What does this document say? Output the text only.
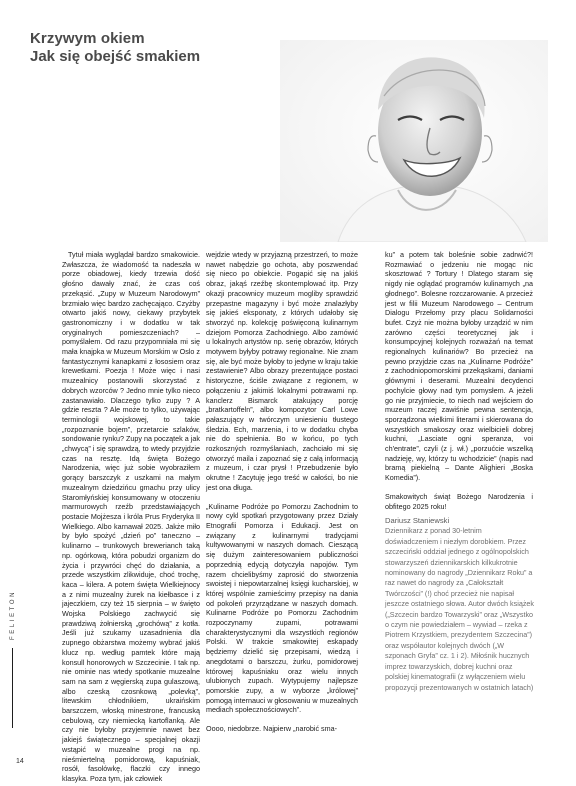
Krzywym okiem
Jak się obejść smakiem

Tytuł miała wyglądał bardzo smakowicie. Zwłaszcza, że wiadomość ta nadeszła w porze obiadowej, kiedy trzewia dość głośno dawały znać, że czas coś przekąsić. „Zupy w Muzeum Narodowym” brzmiało więc bardzo zachęcająco. Czyżby otwarto jakiś nowy, ciekawy przybytek gastronomiczny i w dodatku w tak oryginalnych pomieszczeniach? – pomyślałem. Od razu przypomniała mi się mała knajpka w Muzeum Morskim w Oslo z fantastycznymi kanapkami z łososiem oraz krewetkami. Poezja ! Może więc i nasi muzealnicy postanowili skorzystać z dobrych wzorców ? Jedno mnie tylko nieco zastanawiało. Dlaczego tylko zupy ? A gdzie reszta ? Ale może to tylko, używając terminologii wojskowej, to takie „rozpoznanie bojem”, przetarcie szlaków, sondowanie rynku? Zupy na początek a jak „chwycą” i się sprawdzą, to wtedy przyjdzie czas na resztę. Idą święta Bożego Narodzenia, więc już sobie wyobraziłem gorący barszczyk z uszkami na małym muzealnym dziedzińcu gmachu przy ulicy Staromłyńskiej konsumowany w otoczeniu marmurowych rzeźb przedstawiających postacie Mojżesza i króla Prus Fryderyka II Wielkiego. Albo karnawał 2025. Jakże miło by było spożyć „dzień po” taneczno – kulinarno – trunkowych brewerianch taką np. ogórkową, która pobudzi organizm do życia i przywróci chęć do działania, a przede wszystkim zlikwiduje, choć trochę, kaca – kilera. A potem święta Wielkiejnocy a z nimi muzealny żurek na kiełbasce i z jajeczkiem, czy też 15 sierpnia – w święto Wojska Polskiego zachwycić się prawdziwą żołnierską „grochówą” z kotła. Jeśli już szukamy uzasadnienia dla zupnego obżarstwa możemy wybrać jakiś klucz np. według pamtek które mają konsull honorowych w Szczecinie. I tak np. nie ominie nas wtedy spotkanie muzealne sam na sam z węgierską zupa gulaszową, albo czeską czosnkową „polevką”, litewskim chłodnikiem, ukraińskim barszczem, włoską minestrone, francuską cebulową, czy niemiecką kartoflanką. Ale czy nie byłoby przyjemnie nawet bez jakiejś świątecznego – specjalnej okazji wstąpić w muzealne progi na np. nieśmiertelną pomidorową, kapuśniak, rosół, fasolówkę, flaczki czy innego klasyka. Poza tym, jak człowiek

wejdzie wtedy w przyjazną przestrzeń, to może nawet nabędzie go ochota, aby poszwendać się nieco po obiekcie. Pogapić się na jakiś obraz, jakąś rzeźbę skontemplować itp. Przy okazji pracownicy muzeum mogliby sprawdzić przepastne magazyny i być może znalazłyby się jakieś eksponaty, z których udałoby się stworzyć np. kolekcję poświęconą kulinarnym dziejom Pomorza Zachodniego. Albo zamówić u lokalnych artystów np. serię obrazów, których motywem byłyby potrawy regionalne. Nie znam się, ale być może byłoby to jedyne w kraju takie zestawienie? Albo obrazy prezentujące postaci historyczne, ściśle związane z regionem, w połączeniu z jakimiś lokalnymi potrawami np. kanclerz Bismarck atakujący porcję „bratkartoffeln”, albo kompozytor Carl Lowe pałaszujący w twórczym uniesieniu tłustego śledzia. Ech, marzenia, i to w dodatku chyba nie do spełnienia. Bo w końcu, po tych rozkoszných rozmyślaniach, zachciało mi się otworzyć maila i zapoznać się z całą informacją z muzeum, i czar prysł ! Przebudzenie było okrutne ! Zacytuję jego treść w całości, bo nie jest ona długa.

„Kulinarne Podróże po Pomorzu Zachodnim to nowy cykl spotkań przygotowany przez Działy Etnografii Pomorza i Edukacji. Jest on związany z kulinarnymi tradycjami kultywowanymi w naszych domach. Cieszącą się dużym zainteresowaniem publiczności poprzednią edycją dotyczyła napojów. Tym razem chcielibyśmy zaprosić do stworzenia swoistej i niepowtarzalnej księgi kucharskiej, w której wspólnie zamieścimy przepisy na dania od pokoleń przyrządzane w naszych domach. Kulinarne Podróże po Pomorzu Zachodnim rozpoczynamy zupami, potrawami charakterystycznymi dla wszystkich regionów Polski. W trakcie smakowitej eskapady będziemy dzielić się przepisami, wiedzą i anegdotami o barszczu, żurku, pomidorowej którowej kapuśniaku oraz wielu innych ulubionych zupach. Wytypujemy najlepsze pomorskie zupy, a w wyborze „królowej” pomogą internauci w głosowaniu w muzealnych mediach społecznościowych”.

Oooo, niedobrze. Najpierw „narobić sma-

ku” a potem tak boleśnie sobie zadrwić?! Rozmawiać o jedzeniu nie mogąc nic skosztować ? Tortury ! Dlatego staram się nigdy nie oglądać programów kulinarnych „na głodnego”. Bolesne rozczarowanie. A przecież jest w filii Muzeum Narodowego – Centrum Dialogu Przełomy przy placu Solidarności bufet. Czyż nie można byłoby urządzić w nim zarówno części teoretycznej jak i konsumpcyjnej kolejnych rozważań na temat regionalnych kulinariów? Bo przecież na pewno przyjdzie czas na „Kulinarne Podróże” z zachodniopomorskimi przekąskami, daniami głównymi i deserami. Muzealni decydenci pochylcie głowy nad tym pomysłem. A jeżeli go nie przyjmiecie, to niech nad wejściem do muzeum raczej zawiśnie pewna sentencja, sporządzona wielkimi literami i skierowana do wszystkich smakoszy oraz wielbicieli dobrej kuchni, „Lasciate ogni speranza, voi ch'entrate”, czyli (z j. wł.) „porzućcie wszelką nadzieję, wy, którzy tu wchodzicie” (napis nad bramą piekielną – Dante Alighieri „Boska Komedia”).

Smakowitych świąt Bożego Narodzenia i obfitego 2025 roku!

Dariusz Staniewski

Dziennikarz z ponad 30-letnim doświadczeniem i niezłym dorobkiem. Przez szczeciński oddział jednego z ogólnopolskich stowarzyszeń dziennikarskich kilkukrotnie nominowany do nagrody „Dziennikarz Roku” a raz nawet do nagrody za „Całokształt Twórczości” (!) choć przecież nie napisał jeszcze ostatniego słowa. Autor dwóch książek („Szczecin bardzo Towarzyski” oraz „Wszystko o czym nie powiedziałem – wywiad – rzeka z Piotrem Krzystkiem, prezydentem Szczecina”) oraz współautor kolejnych dwóch („W szponach Gryfa” cz. 1 i 2). Miłośnik hucznych imprez towarzyskich, dobrej kuchni oraz polskiej kinematografii (z wyłączeniem wielu propozycji prezentowanych w ostatnich latach)

FELIETON
14
